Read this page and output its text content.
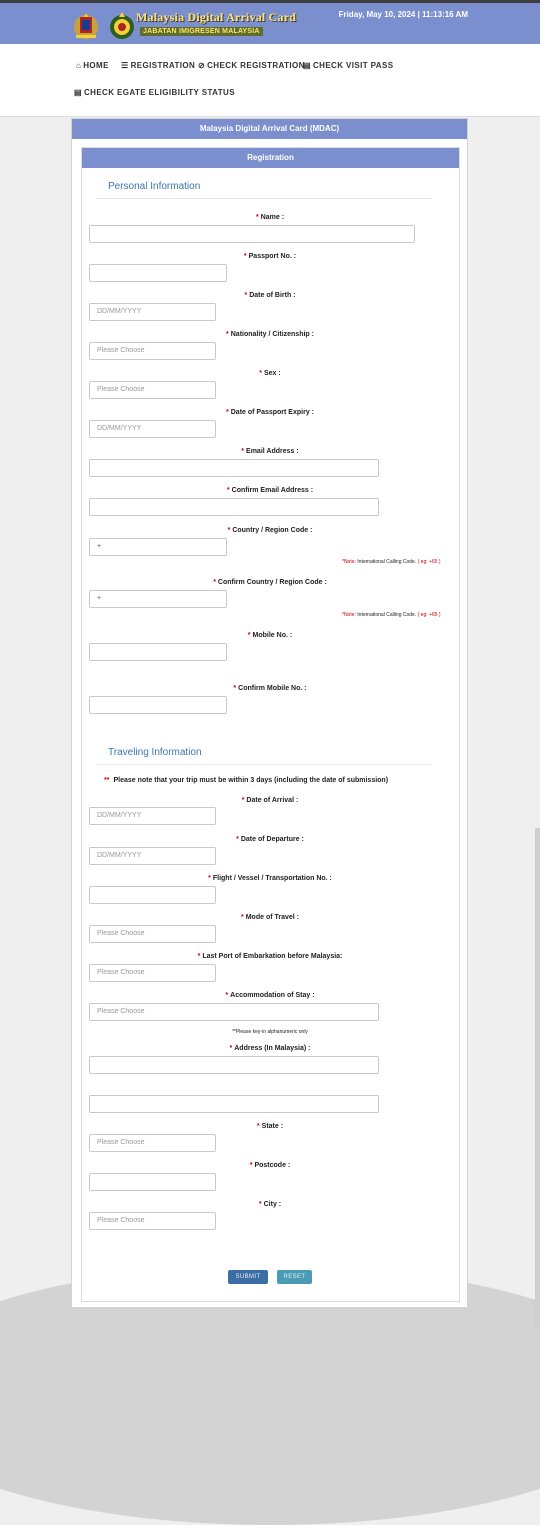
Malaysia Digital Arrival Card
JABATAN IMIGRESEN MALAYSIA
Friday, May 10, 2024 | 11:13:16 AM
⌂ HOME ☰ REGISTRATION ⊘ CHECK REGISTRATION
▤ CHECK VISIT PASS
▤ CHECK EGATE ELIGIBILITY STATUS
Malaysia Digital Arrival Card (MDAC)
Registration
Personal Information
* Name :
* Passport No. :
* Date of Birth :
DD/MM/YYYY
* Nationality / Citizenship :
Please Choose
* Sex :
Please Choose
* Date of Passport Expiry :
DD/MM/YYYY
* Email Address :
* Confirm Email Address :
* Country / Region Code :
+
*Note: International Calling Code. ( eg: +65 )
* Confirm Country / Region Code :
+
*Note: International Calling Code. ( eg: +65 )
* Mobile No. :
* Confirm Mobile No. :
Traveling Information
** Please note that your trip must be within 3 days (including the date of submission)
* Date of Arrival :
DD/MM/YYYY
* Date of Departure :
DD/MM/YYYY
* Flight / Vessel / Transportation No. :
* Mode of Travel :
Please Choose
* Last Port of Embarkation before Malaysia:
Please Choose
* Accommodation of Stay :
Please Choose
**Please key-in alphanumeric only
* Address (In Malaysia) :
* State :
Please Choose
* Postcode :
* City :
Please Choose
SUBMIT	RESET
